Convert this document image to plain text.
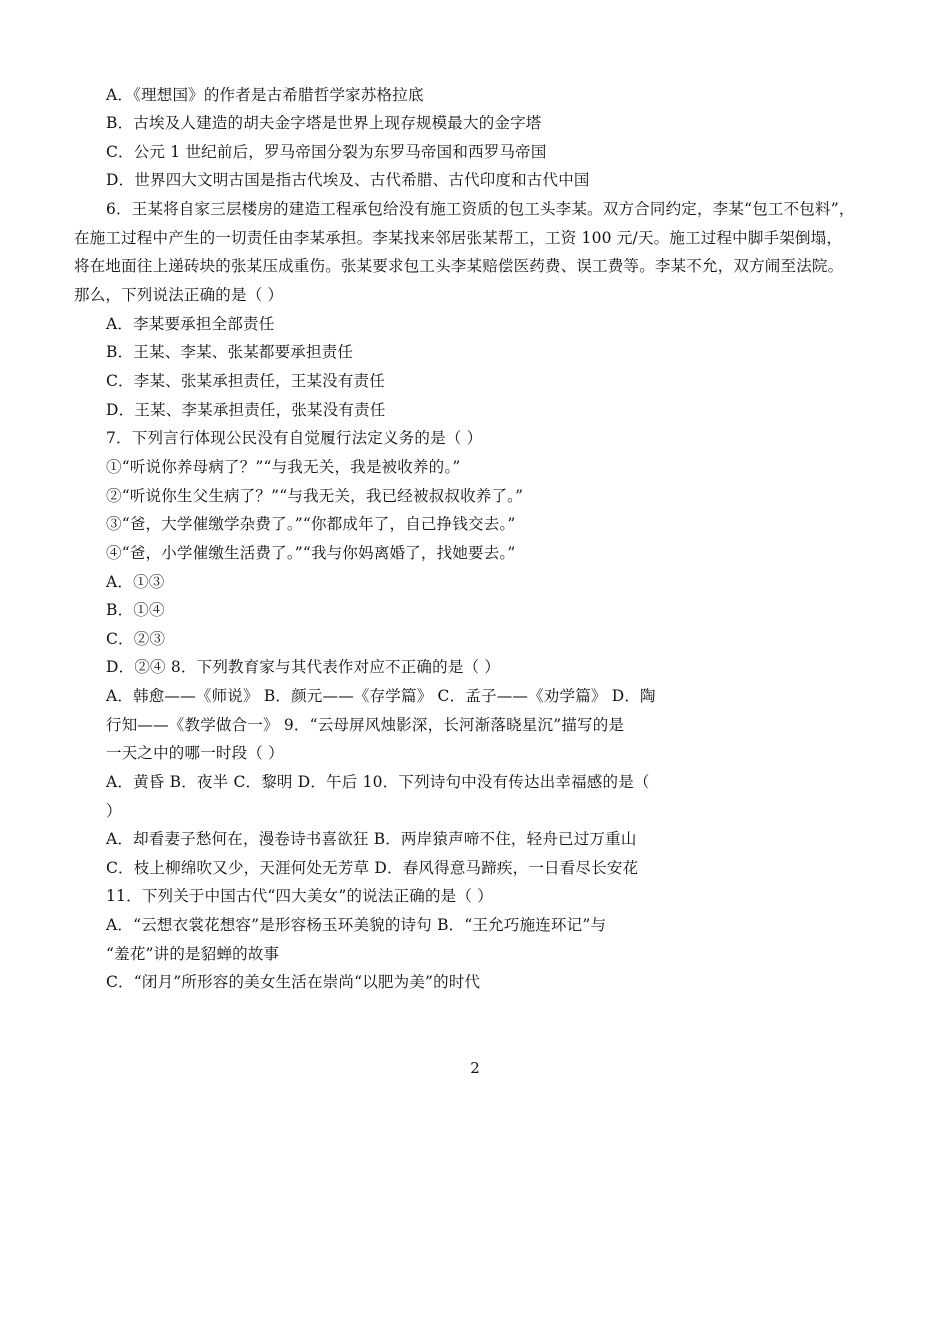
A．《理想国》的作者是古希腊哲学家苏格拉底
B．古埃及人建造的胡夫金字塔是世界上现存规模最大的金字塔
C．公元 1 世纪前后，罗马帝国分裂为东罗马帝国和西罗马帝国
D．世界四大文明古国是指古代埃及、古代希腊、古代印度和古代中国
6．王某将自家三层楼房的建造工程承包给没有施工资质的包工头李某。双方合同约定，李某“包工不包料”，
在施工过程中产生的一切责任由李某承担。李某找来邻居张某帮工，工资 100 元/天。施工过程中脚手架倒塌，
将在地面往上递砖块的张某压成重伤。张某要求包工头李某赔偿医药费、误工费等。李某不允，双方闹至法院。
那么，下列说法正确的是（ ）
A．李某要承担全部责任
B．王某、李某、张某都要承担责任
C．李某、张某承担责任，王某没有责任
D．王某、李某承担责任，张某没有责任
7．下列言行体现公民没有自觉履行法定义务的是（ ）
①“听说你养母病了？”“与我无关，我是被收养的。”
②“听说你生父生病了？”“与我无关，我已经被叔叔收养了。”
③“爸，大学催缴学杂费了。”“你都成年了，自己挣钱交去。”
④“爸，小学催缴生活费了。”“我与你妈离婚了，找她要去。”
A．①③
B．①④
C．②③
D．②④ 8．下列教育家与其代表作对应不正确的是（ ）
A．韩愈——《师说》 B．颜元——《存学篇》 C．孟子——《劝学篇》 D．陶
行知——《教学做合一》 9．“云母屏风烛影深，长河渐落晓星沉”描写的是
一天之中的哪一时段（ ）
A．黄昏 B．夜半 C．黎明 D．午后 10．下列诗句中没有传达出幸福感的是（
）
A．却看妻子愁何在，漫卷诗书喜欲狂 B．两岸猿声啼不住，轻舟已过万重山
C．枝上柳绵吹又少，天涯何处无芳草 D．春风得意马蹄疾，一日看尽长安花
11．下列关于中国古代“四大美女”的说法正确的是（ ）
A．“云想衣裳花想容”是形容杨玉环美貌的诗句 B．“王允巧施连环记”与
“羞花”讲的是貂蝉的故事
C．“闭月”所形容的美女生活在崇尚“以肥为美”的时代
2
